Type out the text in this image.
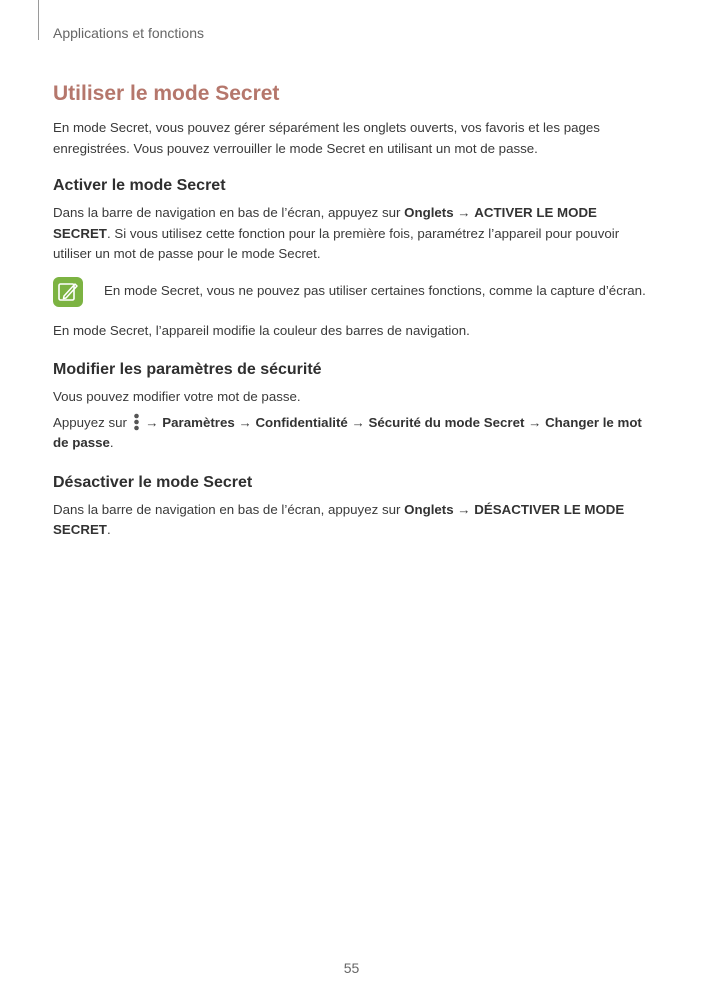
Applications et fonctions
Utiliser le mode Secret

En mode Secret, vous pouvez gérer séparément les onglets ouverts, vos favoris et les pages enregistrées. Vous pouvez verrouiller le mode Secret en utilisant un mot de passe.

Activer le mode Secret

Dans la barre de navigation en bas de l’écran, appuyez sur Onglets → ACTIVER LE MODE SECRET. Si vous utilisez cette fonction pour la première fois, paramétrez l’appareil pour pouvoir utiliser un mot de passe pour le mode Secret.

En mode Secret, vous ne pouvez pas utiliser certaines fonctions, comme la capture d’écran.

En mode Secret, l’appareil modifie la couleur des barres de navigation.

Modifier les paramètres de sécurité

Vous pouvez modifier votre mot de passe.

Appuyez sur  → Paramètres → Confidentialité → Sécurité du mode Secret → Changer le mot de passe.

Désactiver le mode Secret

Dans la barre de navigation en bas de l’écran, appuyez sur Onglets → DÉSACTIVER LE MODE SECRET.

55
